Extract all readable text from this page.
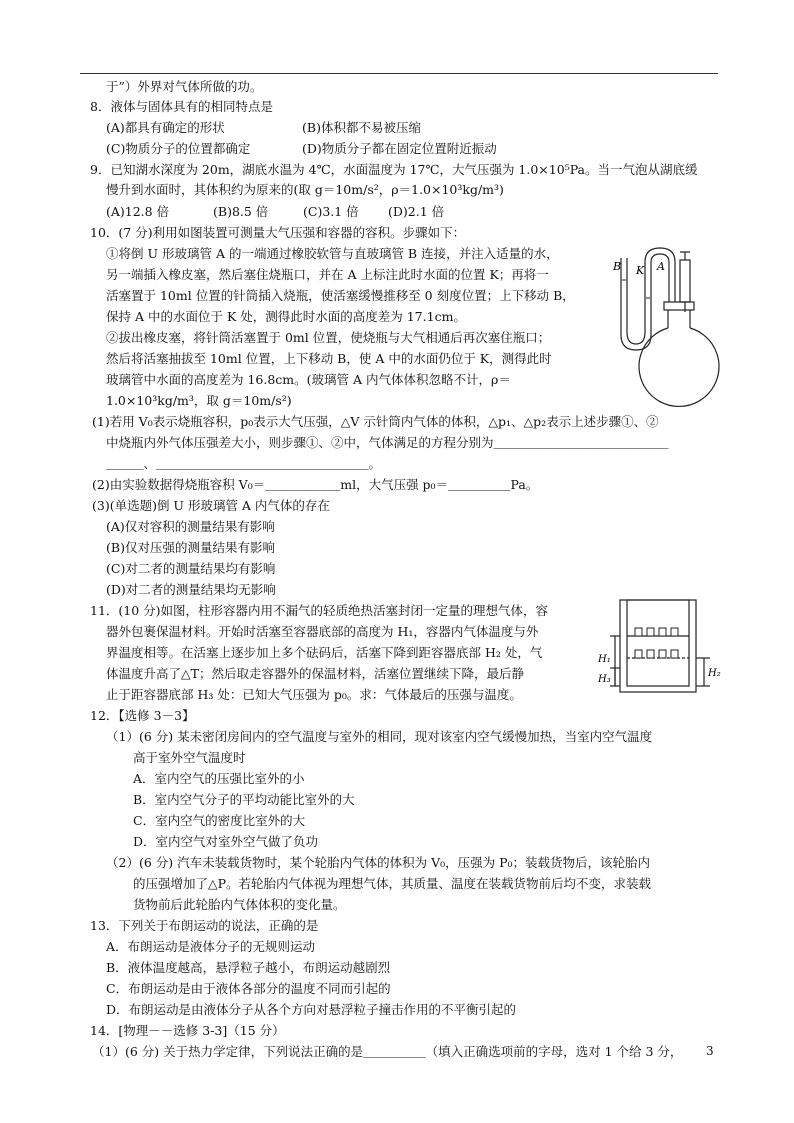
于”）外界对气体所做的功。
8．液体与固体具有的相同特点是
(A)都具有确定的形状	(B)体积都不易被压缩
(C)物质分子的位置都确定	(D)物质分子都在固定位置附近振动
9．已知湖水深度为 20m，湖底水温为 4℃，水面温度为 17℃，大气压强为 1.0×10⁵Pa。当一气泡从湖底缓
慢升到水面时，其体积约为原来的(取 g＝10m/s²，ρ＝1.0×10³kg/m³)
(A)12.8 倍	(B)8.5 倍	(C)3.1 倍 (D)2.1 倍
10．(7 分)利用如图装置可测量大气压强和容器的容积。步骤如下：
①将倒 U 形玻璃管 A 的一端通过橡胶软管与直玻璃管 B 连接，并注入适量的水，
另一端插入橡皮塞，然后塞住烧瓶口，并在 A 上标注此时水面的位置 K；再将一
活塞置于 10ml 位置的针筒插入烧瓶，使活塞缓慢推移至 0 刻度位置；上下移动 B，
保持 A 中的水面位于 K 处，测得此时水面的高度差为 17.1cm。
②拔出橡皮塞，将针筒活塞置于 0ml 位置，使烧瓶与大气相通后再次塞住瓶口；
然后将活塞抽拔至 10ml 位置，上下移动 B，使 A 中的水面仍位于 K，测得此时
玻璃管中水面的高度差为 16.8cm。(玻璃管 A 内气体体积忽略不计，ρ＝
1.0×10³kg/m³，取 g＝10m/s²)
(1)若用 V₀表示烧瓶容积，p₀表示大气压强，△V 示针筒内气体的体积，△p₁、△p₂表示上述步骤①、②
中烧瓶内外气体压强差大小，则步骤①、②中，气体满足的方程分别为＿＿＿＿＿＿＿＿＿＿＿＿＿＿
＿＿＿、＿＿＿＿＿＿＿＿＿＿＿＿＿＿＿＿＿。
(2)由实验数据得烧瓶容积 V₀＝＿＿＿＿＿＿ml，大气压强 p₀＝＿＿＿＿＿Pa。
(3)(单选题)倒 U 形玻璃管 A 内气体的存在
(A)仅对容积的测量结果有影响
(B)仅对压强的测量结果有影响
(C)对二者的测量结果均有影响
(D)对二者的测量结果均无影响
11．(10 分)如图，柱形容器内用不漏气的轻质绝热活塞封闭一定量的理想气体，容
器外包裹保温材料。开始时活塞至容器底部的高度为 H₁，容器内气体温度与外
界温度相等。在活塞上逐步加上多个砝码后，活塞下降到距容器底部 H₂ 处，气
体温度升高了△T；然后取走容器外的保温材料，活塞位置继续下降，最后静
止于距容器底部 H₃ 处：已知大气压强为 p₀。求：气体最后的压强与温度。
12．【选修 3－3】
（1）(6 分) 某未密闭房间内的空气温度与室外的相同，现对该室内空气缓慢加热，当室内空气温度
高于室外空气温度时
A．室内空气的压强比室外的小
B．室内空气分子的平均动能比室外的大
C．室内空气的密度比室外的大
D．室内空气对室外空气做了负功
（2）(6 分) 汽车未装载货物时，某个轮胎内气体的体积为 V₀，压强为 P₀；装载货物后，该轮胎内
的压强增加了△P。若轮胎内气体视为理想气体，其质量、温度在装载货物前后均不变，求装载
货物前后此轮胎内气体体积的变化量。
13．下列关于布朗运动的说法，正确的是
A．布朗运动是液体分子的无规则运动
B．液体温度越高，悬浮粒子越小，布朗运动越剧烈
C．布朗运动是由于液体各部分的温度不同而引起的
D．布朗运动是由液体分子从各个方向对悬浮粒子撞击作用的不平衡引起的
14．[物理－－选修 3-3]（15 分）
（1）(6 分) 关于热力学定律，下列说法正确的是＿＿＿＿＿（填入正确选项前的字母，选对 1 个给 3 分，
B K A
H₁
H₃
H₂
3
